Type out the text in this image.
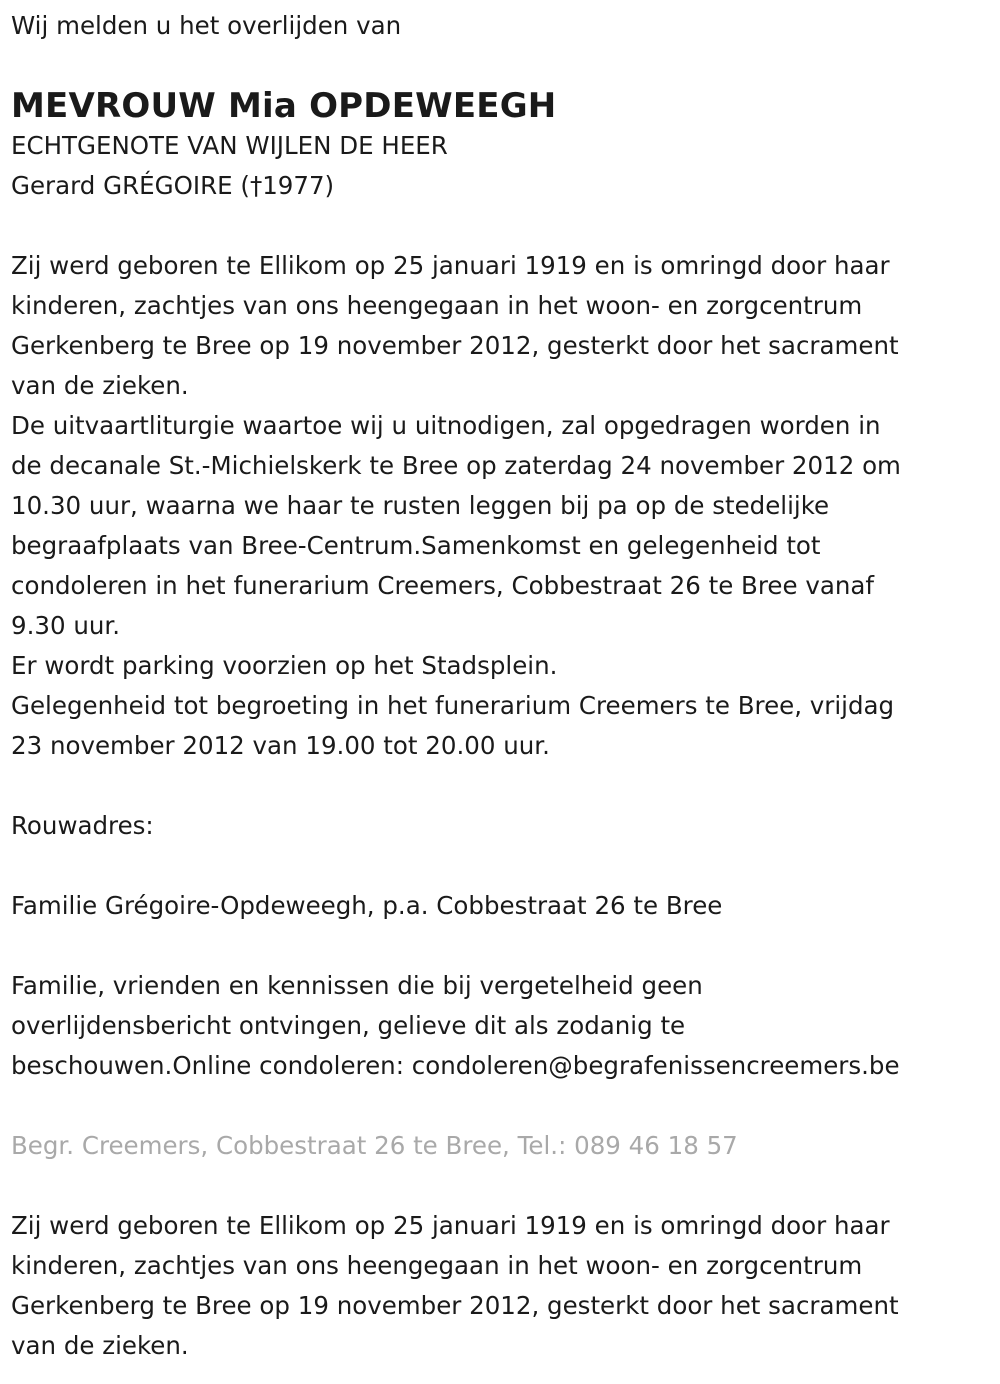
Wij melden u het overlijden van

MEVROUW Mia OPDEWEEGH

ECHTGENOTE VAN WIJLEN DE HEER

Gerard GRÉGOIRE (†1977)

Zij werd geboren te Ellikom op 25 januari 1919 en is omringd door haar

kinderen, zachtjes van ons heengegaan in het woon- en zorgcentrum

Gerkenberg te Bree op 19 november 2012, gesterkt door het sacrament

van de zieken.

De uitvaartliturgie waartoe wij u uitnodigen, zal opgedragen worden in

de decanale St.-Michielskerk te Bree op zaterdag 24 november 2012 om

10.30 uur, waarna we haar te rusten leggen bij pa op de stedelijke

begraafplaats van Bree-Centrum.Samenkomst en gelegenheid tot

condoleren in het funerarium Creemers, Cobbestraat 26 te Bree vanaf

9.30 uur.

Er wordt parking voorzien op het Stadsplein.

Gelegenheid tot begroeting in het funerarium Creemers te Bree, vrijdag

23 november 2012 van 19.00 tot 20.00 uur.

Rouwadres:

Familie Grégoire-Opdeweegh, p.a. Cobbestraat 26 te Bree

Familie, vrienden en kennissen die bij vergetelheid geen

overlijdensbericht ontvingen, gelieve dit als zodanig te

beschouwen.Online condoleren: condoleren@begrafenissencreemers.be

Begr. Creemers, Cobbestraat 26 te Bree, Tel.: 089 46 18 57

Zij werd geboren te Ellikom op 25 januari 1919 en is omringd door haar

kinderen, zachtjes van ons heengegaan in het woon- en zorgcentrum

Gerkenberg te Bree op 19 november 2012, gesterkt door het sacrament

van de zieken.
